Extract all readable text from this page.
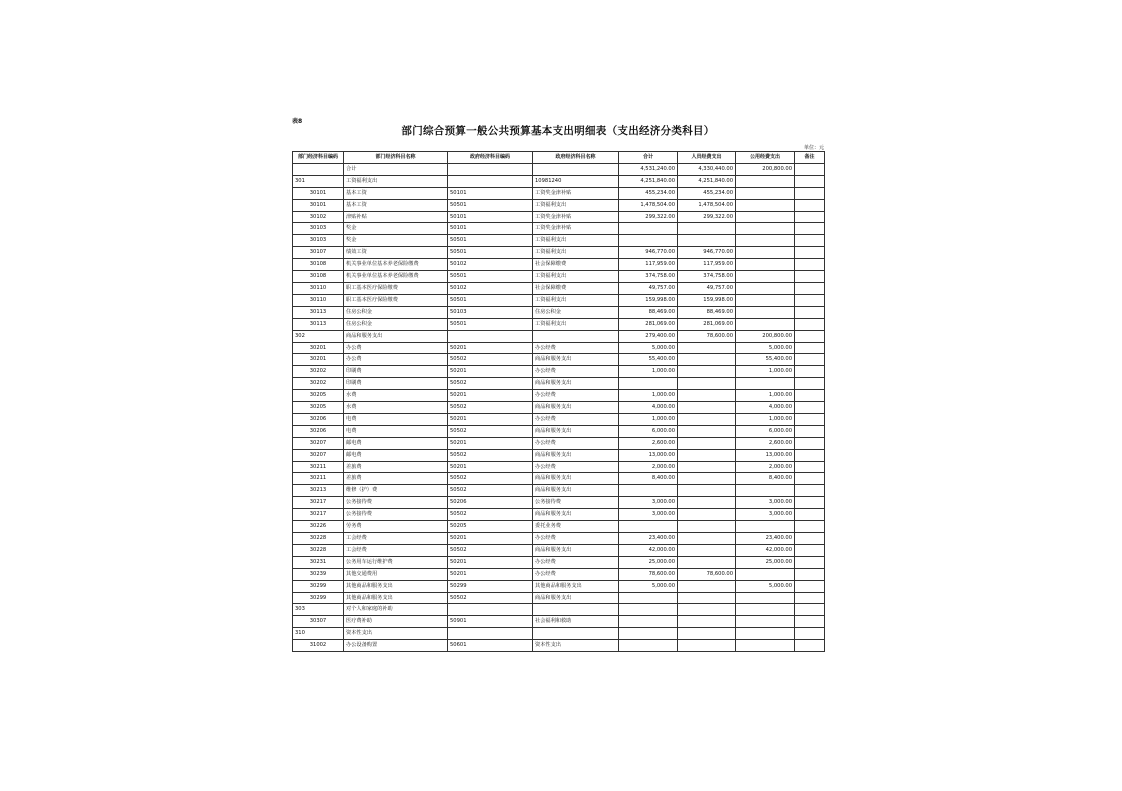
表8
部门综合预算一般公共预算基本支出明细表（支出经济分类科目）
单位：元
部门经济科目编码	部门经济科目名称	政府经济科目编码	政府经济科目名称	合计	人员经费支出	公用经费支出	备注
	合计			4,531,240.00	4,330,440.00	200,800.00	
301	工资福利支出		10981240	4,251,840.00	4,251,840.00		
30101	基本工资	50101	工资奖金津补贴	455,234.00	455,234.00		
30101	基本工资	50501	工资福利支出	1,478,504.00	1,478,504.00		
30102	津贴补贴	50101	工资奖金津补贴	299,322.00	299,322.00		
30103	奖金	50101	工资奖金津补贴				
30103	奖金	50501	工资福利支出				
30107	绩效工资	50501	工资福利支出	946,770.00	946,770.00		
30108	机关事业单位基本养老保险缴费	50102	社会保障缴费	117,959.00	117,959.00		
30108	机关事业单位基本养老保险缴费	50501	工资福利支出	374,758.00	374,758.00		
30110	职工基本医疗保险缴费	50102	社会保障缴费	49,757.00	49,757.00		
30110	职工基本医疗保险缴费	50501	工资福利支出	159,998.00	159,998.00		
30113	住房公积金	50103	住房公积金	88,469.00	88,469.00		
30113	住房公积金	50501	工资福利支出	281,069.00	281,069.00		
302	商品和服务支出			279,400.00	78,600.00	200,800.00	
30201	办公费	50201	办公经费	5,000.00		5,000.00	
30201	办公费	50502	商品和服务支出	55,400.00		55,400.00	
30202	印刷费	50201	办公经费	1,000.00		1,000.00	
30202	印刷费	50502	商品和服务支出				
30205	水费	50201	办公经费	1,000.00		1,000.00	
30205	水费	50502	商品和服务支出	4,000.00		4,000.00	
30206	电费	50201	办公经费	1,000.00		1,000.00	
30206	电费	50502	商品和服务支出	6,000.00		6,000.00	
30207	邮电费	50201	办公经费	2,600.00		2,600.00	
30207	邮电费	50502	商品和服务支出	13,000.00		13,000.00	
30211	差旅费	50201	办公经费	2,000.00		2,000.00	
30211	差旅费	50502	商品和服务支出	8,400.00		8,400.00	
30213	维修（护）费	50502	商品和服务支出				
30217	公务接待费	50206	公务接待费	3,000.00		3,000.00	
30217	公务接待费	50502	商品和服务支出	3,000.00		3,000.00	
30226	劳务费	50205	委托业务费				
30228	工会经费	50201	办公经费	23,400.00		23,400.00	
30228	工会经费	50502	商品和服务支出	42,000.00		42,000.00	
30231	公务用车运行维护费	50201	办公经费	25,000.00		25,000.00	
30239	其他交通费用	50201	办公经费	78,600.00	78,600.00		
30299	其他商品和服务支出	50299	其他商品和服务支出	5,000.00		5,000.00	
30299	其他商品和服务支出	50502	商品和服务支出				
303	对个人和家庭的补助						
30307	医疗费补助	50901	社会福利和救助				
310	资本性支出						
31002	办公设备购置	50601	资本性支出				
